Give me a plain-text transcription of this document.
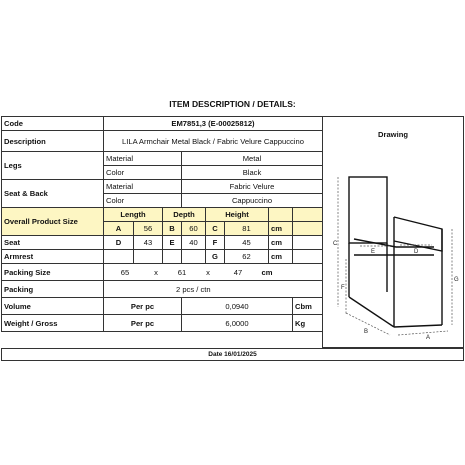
ITEM DESCRIPTION / DETAILS:
Code	EM7851,3 (E-00025812)							
Description	LILA Armchair Metal Black / Fabric Velure Cappuccino							
Legs	Material			Metal				
	Color			Black				
Seat & Back	Material			Fabric Velure				
	Color			Cappuccino				
Overall Product Size	Length		Depth		Height			
	A	56	B	60	C	81	cm	
Seat	D	43	E	40	F	45	cm	
Armrest					G	62	cm	
Packing Size	65 x 61 x 47 cm							
Packing	2 pcs / ctn							
Volume	Per pc			0,0940				Cbm
Weight / Gross	Per pc			6,0000				Kg
Drawing
C
F
G
E	D
B
A
Date 16/01/2025
